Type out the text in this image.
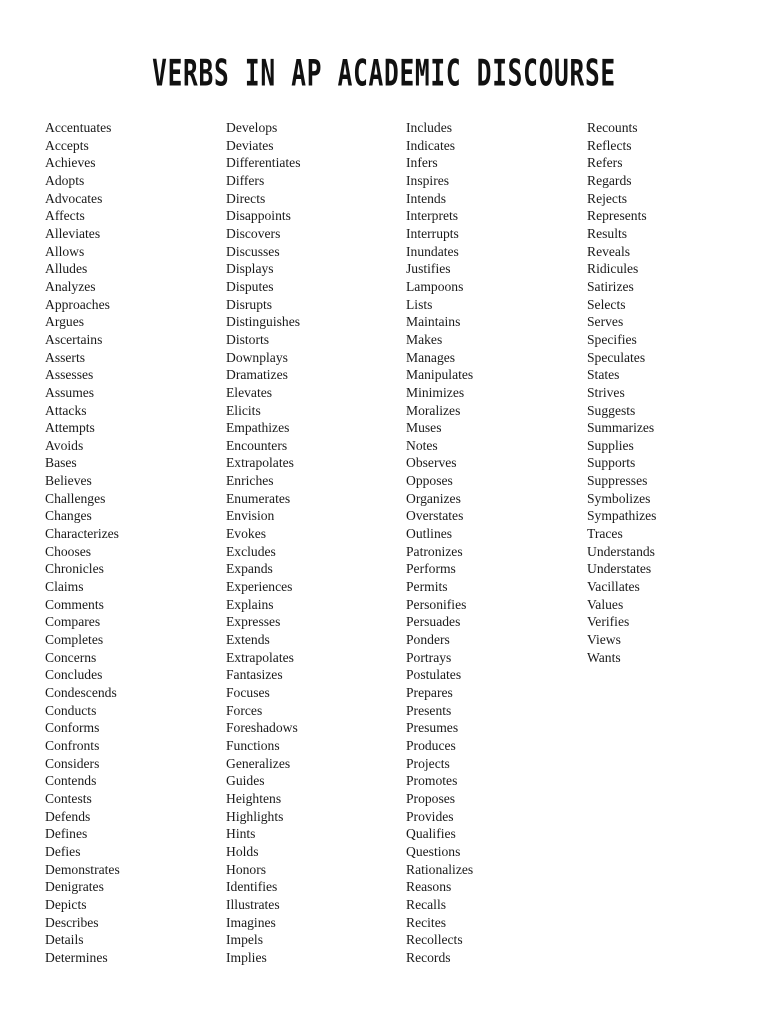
VERBS IN AP ACADEMIC DISCOURSE
Accentuates
Accepts
Achieves
Adopts
Advocates
Affects
Alleviates
Allows
Alludes
Analyzes
Approaches
Argues
Ascertains
Asserts
Assesses
Assumes
Attacks
Attempts
Avoids
Bases
Believes
Challenges
Changes
Characterizes
Chooses
Chronicles
Claims
Comments
Compares
Completes
Concerns
Concludes
Condescends
Conducts
Conforms
Confronts
Considers
Contends
Contests
Defends
Defines
Defies
Demonstrates
Denigrates
Depicts
Describes
Details
Determines
Develops
Deviates
Differentiates
Differs
Directs
Disappoints
Discovers
Discusses
Displays
Disputes
Disrupts
Distinguishes
Distorts
Downplays
Dramatizes
Elevates
Elicits
Empathizes
Encounters
Extrapolates
Enriches
Enumerates
Envision
Evokes
Excludes
Expands
Experiences
Explains
Expresses
Extends
Extrapolates
Fantasizes
Focuses
Forces
Foreshadows
Functions
Generalizes
Guides
Heightens
Highlights
Hints
Holds
Honors
Identifies
Illustrates
Imagines
Impels
Implies
Includes
Indicates
Infers
Inspires
Intends
Interprets
Interrupts
Inundates
Justifies
Lampoons
Lists
Maintains
Makes
Manages
Manipulates
Minimizes
Moralizes
Muses
Notes
Observes
Opposes
Organizes
Overstates
Outlines
Patronizes
Performs
Permits
Personifies
Persuades
Ponders
Portrays
Postulates
Prepares
Presents
Presumes
Produces
Projects
Promotes
Proposes
Provides
Qualifies
Questions
Rationalizes
Reasons
Recalls
Recites
Recollects
Records
Recounts
Reflects
Refers
Regards
Rejects
Represents
Results
Reveals
Ridicules
Satirizes
Selects
Serves
Specifies
Speculates
States
Strives
Suggests
Summarizes
Supplies
Supports
Suppresses
Symbolizes
Sympathizes
Traces
Understands
Understates
Vacillates
Values
Verifies
Views
Wants
